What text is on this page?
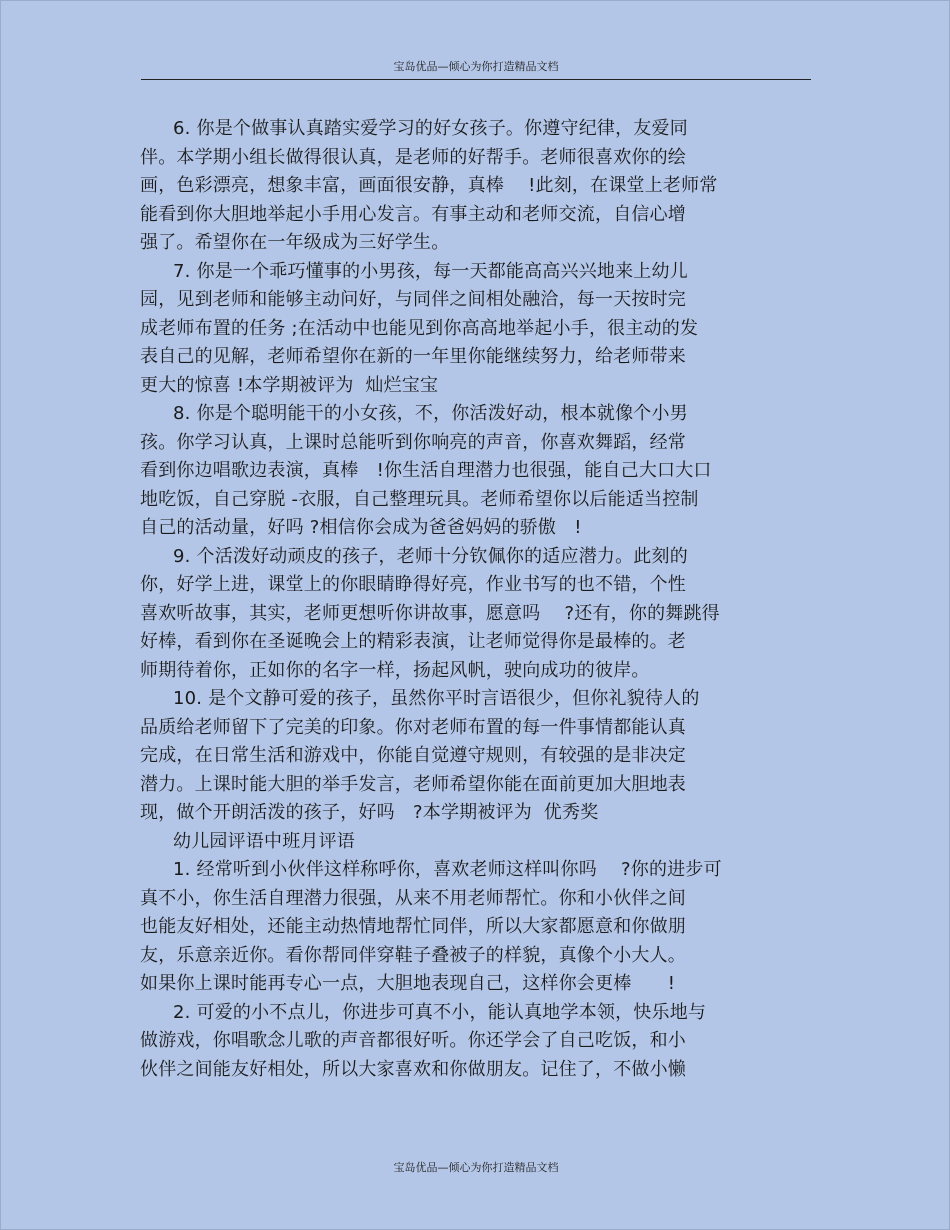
宝岛优品—倾心为你打造精品文档
6. 你是个做事认真踏实爱学习的好女孩子。你遵守纪律，友爱同
伴。本学期小组长做得很认真，是老师的好帮手。老师很喜欢你的绘
画，色彩漂亮，想象丰富，画面很安静，真棒　 !此刻，在课堂上老师常
能看到你大胆地举起小手用心发言。有事主动和老师交流，自信心增
强了。希望你在一年级成为三好学生。
7. 你是一个乖巧懂事的小男孩，每一天都能高高兴兴地来上幼儿
园，见到老师和能够主动问好，与同伴之间相处融洽，每一天按时完
成老师布置的任务 ;在活动中也能见到你高高地举起小手，很主动的发
表自己的见解，老师希望你在新的一年里你能继续努力，给老师带来
更大的惊喜 !本学期被评为  灿烂宝宝
8. 你是个聪明能干的小女孩，不，你活泼好动，根本就像个小男
孩。你学习认真，上课时总能听到你响亮的声音，你喜欢舞蹈，经常
看到你边唱歌边表演，真棒　!你生活自理潜力也很强，能自己大口大口
地吃饭，自己穿脱 -衣服，自己整理玩具。老师希望你以后能适当控制
自己的活动量，好吗 ?相信你会成为爸爸妈妈的骄傲　!
9. 个活泼好动顽皮的孩子，老师十分钦佩你的适应潜力。此刻的
你，好学上进，课堂上的你眼睛睁得好亮，作业书写的也不错，个性
喜欢听故事，其实，老师更想听你讲故事，愿意吗　 ?还有，你的舞跳得
好棒，看到你在圣诞晚会上的精彩表演，让老师觉得你是最棒的。老
师期待着你，正如你的名字一样，扬起风帆，驶向成功的彼岸。
10. 是个文静可爱的孩子，虽然你平时言语很少，但你礼貌待人的
品质给老师留下了完美的印象。你对老师布置的每一件事情都能认真
完成，在日常生活和游戏中，你能自觉遵守规则，有较强的是非决定
潜力。上课时能大胆的举手发言，老师希望你能在面前更加大胆地表
现，做个开朗活泼的孩子，好吗　?本学期被评为  优秀奖
幼儿园评语中班月评语
1. 经常听到小伙伴这样称呼你，喜欢老师这样叫你吗　 ?你的进步可
真不小，你生活自理潜力很强，从来不用老师帮忙。你和小伙伴之间
也能友好相处，还能主动热情地帮忙同伴，所以大家都愿意和你做朋
友，乐意亲近你。看你帮同伴穿鞋子叠被子的样貌，真像个小大人。
如果你上课时能再专心一点，大胆地表现自己，这样你会更棒　　!
2. 可爱的小不点儿，你进步可真不小，能认真地学本领，快乐地与
做游戏，你唱歌念儿歌的声音都很好听。你还学会了自己吃饭，和小
伙伴之间能友好相处，所以大家喜欢和你做朋友。记住了，不做小懒
宝岛优品—倾心为你打造精品文档
